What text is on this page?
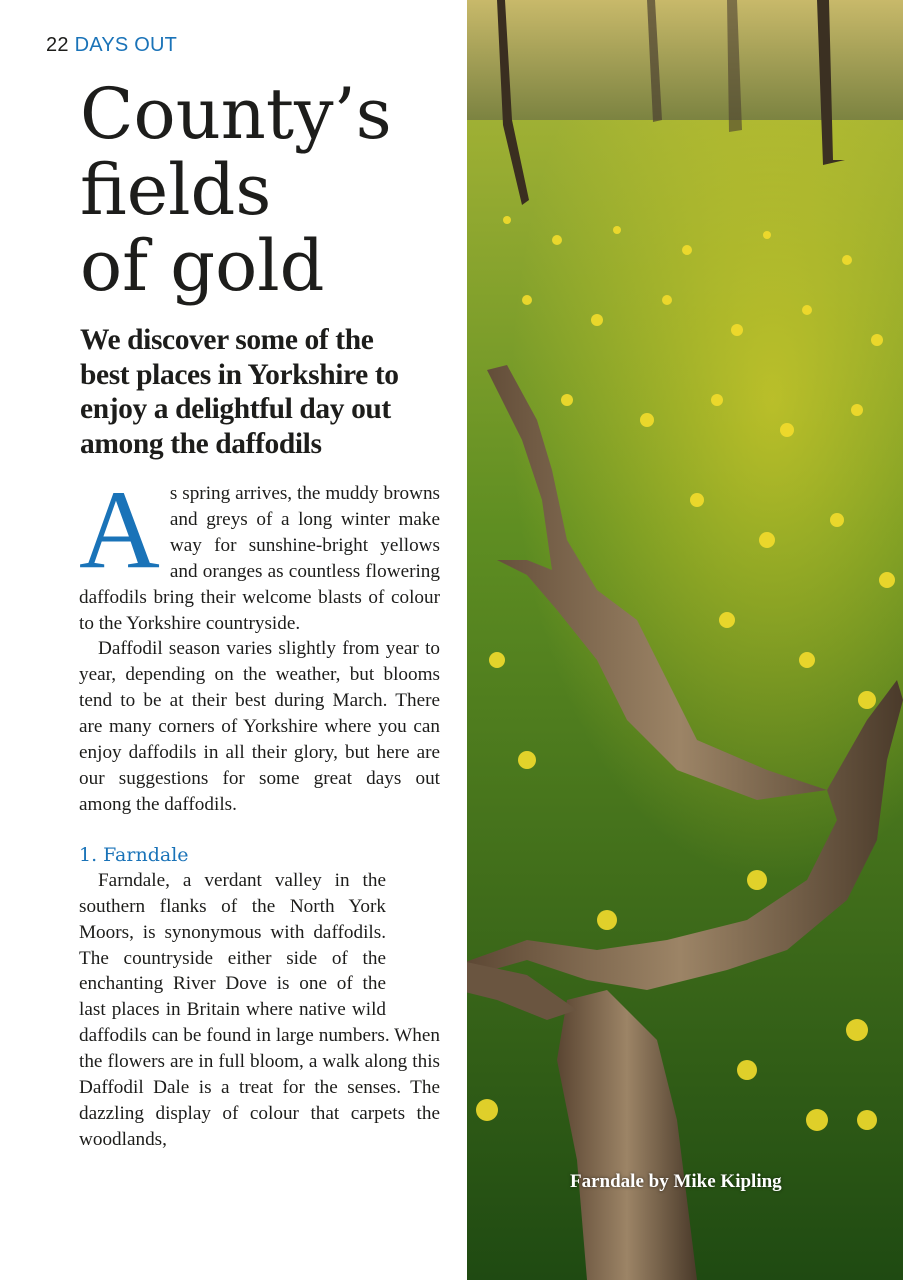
22 DAYS OUT
County’s
fields
of gold
We discover some of the
best places in Yorkshire to
enjoy a delightful day out
among the daffodils

As spring arrives, the muddy browns and greys of a long winter make way for sunshine-bright yellows and oranges as countless flowering daffodils bring their welcome blasts of colour to the Yorkshire countryside.

Daffodil season varies slightly from year to year, depending on the weather, but blooms tend to be at their best during March. There are many corners of Yorkshire where you can enjoy daffodils in all their glory, but here are our suggestions for some great days out among the daffodils.

1. Farndale

Farndale, a verdant valley in the southern flanks of the North York Moors, is synonymous with daffodils. The countryside either side of the enchanting River Dove is one of the last places in Britain where native wild daffodils can be found in large numbers. When the flowers are in full bloom, a walk along this Daffodil Dale is a treat for the senses. The dazzling display of colour that carpets the woodlands,

Farndale by Mike Kipling
